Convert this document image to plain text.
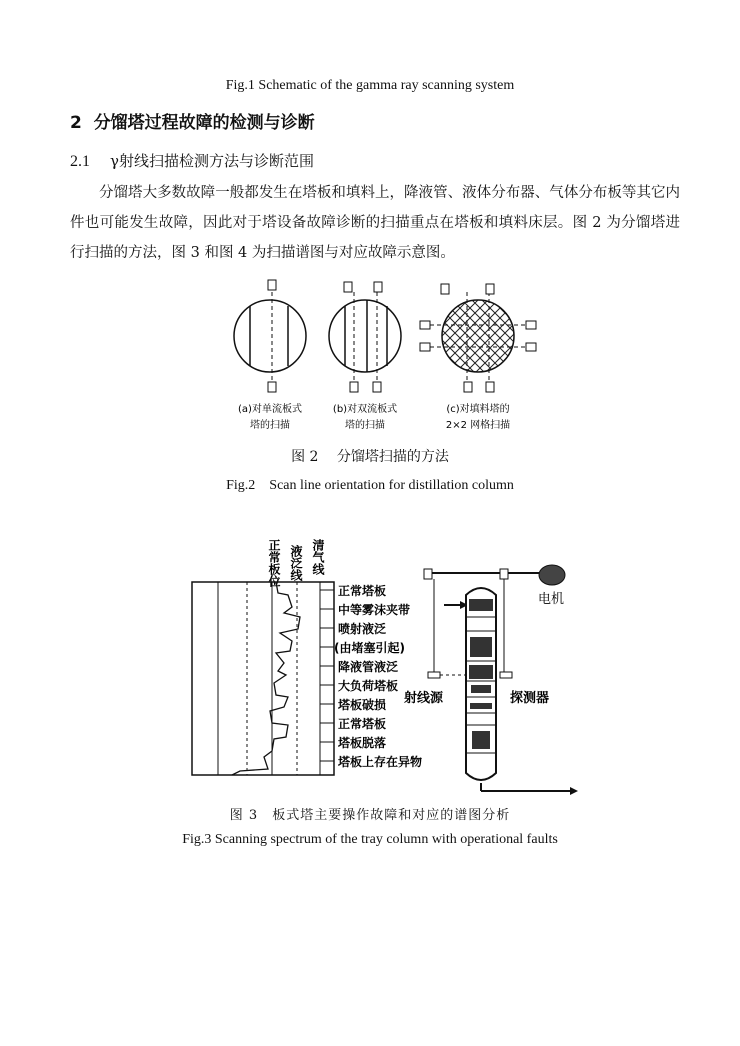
Fig.1 Schematic of the gamma ray scanning system
2 分馏塔过程故障的检测与诊断
2.1 γ射线扫描检测方法与诊断范围

分馏塔大多数故障一般都发生在塔板和填料上，降液管、液体分布器、气体分布板等其它内件也可能发生故障，因此对于塔设备故障诊断的扫描重点在塔板和填料床层。图 2 为分馏塔进行扫描的方法，图 3 和图 4 为扫描谱图与对应故障示意图。

(a)对单流板式
塔的扫描
(b)对双流板式
塔的扫描
(c)对填料塔的
2×2 网格扫描
图 2　 分馏塔扫描的方法
Fig.2　Scan line orientation for distillation column
正常板位 液泛线 清气线
正常塔板
中等雾沫夹带
喷射液泛
(由堵塞引起)
降液管液泛
大负荷塔板
塔板破损
正常塔板
塔板脱落
塔板上存在异物
电机
射线源	探测器
图 3　板式塔主要操作故障和对应的谱图分析
Fig.3 Scanning spectrum of the tray column with operational faults
